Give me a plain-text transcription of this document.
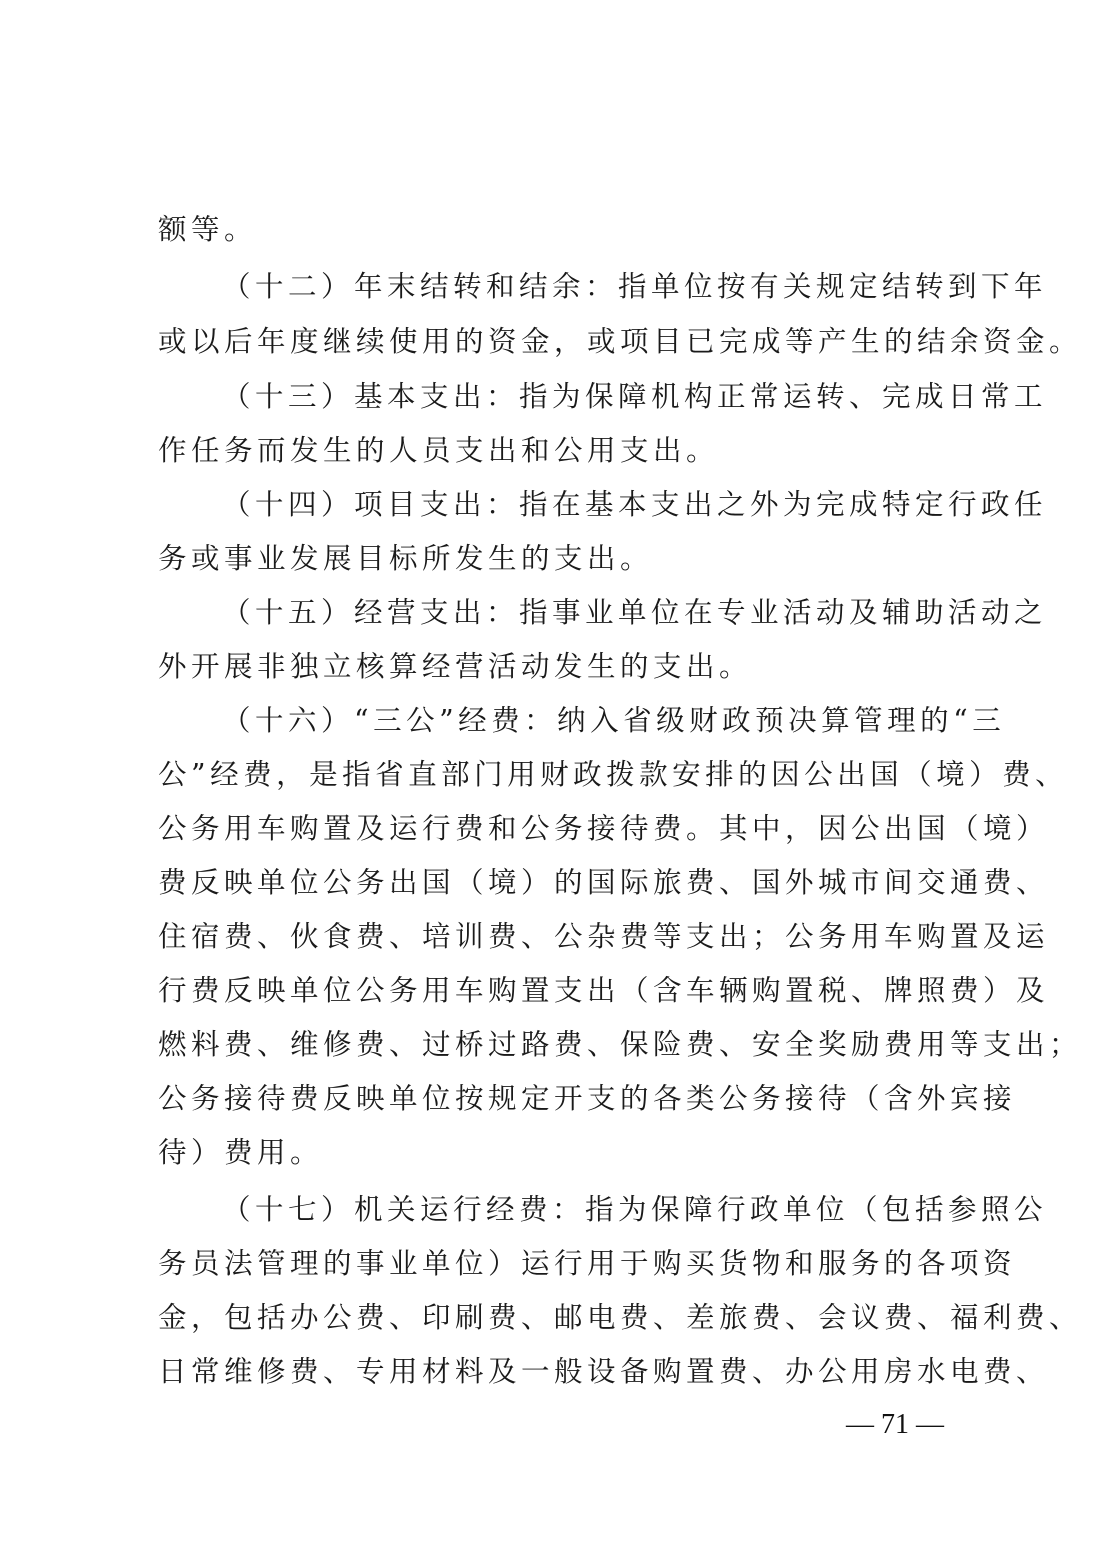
额等。
（十二）年末结转和结余：指单位按有关规定结转到下年
或以后年度继续使用的资金，或项目已完成等产生的结余资金。
（十三）基本支出：指为保障机构正常运转、完成日常工
作任务而发生的人员支出和公用支出。
（十四）项目支出：指在基本支出之外为完成特定行政任
务或事业发展目标所发生的支出。
（十五）经营支出：指事业单位在专业活动及辅助活动之
外开展非独立核算经营活动发生的支出。
（十六）“三公”经费：纳入省级财政预决算管理的“三
公”经费，是指省直部门用财政拨款安排的因公出国（境）费、
公务用车购置及运行费和公务接待费。其中，因公出国（境）
费反映单位公务出国（境）的国际旅费、国外城市间交通费、
住宿费、伙食费、培训费、公杂费等支出；公务用车购置及运
行费反映单位公务用车购置支出（含车辆购置税、牌照费）及
燃料费、维修费、过桥过路费、保险费、安全奖励费用等支出；
公务接待费反映单位按规定开支的各类公务接待（含外宾接
待）费用。
（十七）机关运行经费：指为保障行政单位（包括参照公
务员法管理的事业单位）运行用于购买货物和服务的各项资
金，包括办公费、印刷费、邮电费、差旅费、会议费、福利费、
日常维修费、专用材料及一般设备购置费、办公用房水电费、
— 71 —
